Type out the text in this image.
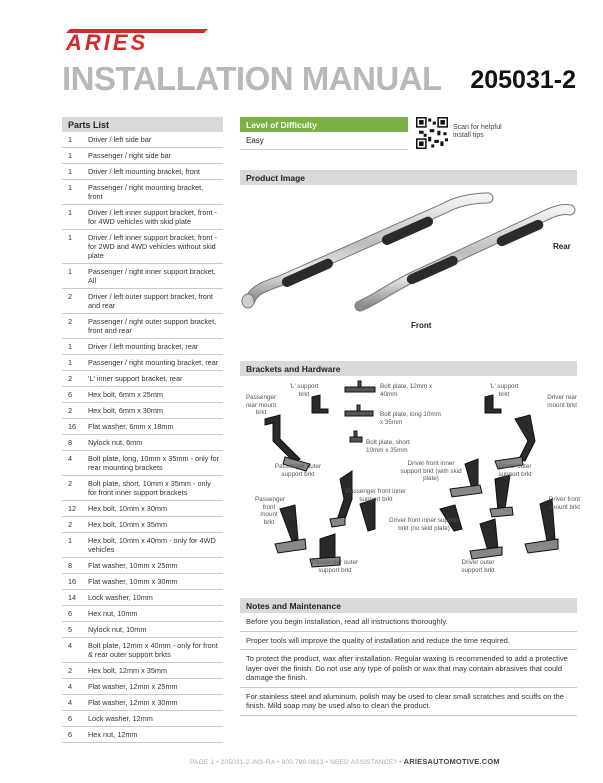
ARIES
INSTALLATION MANUAL 205031-2
Parts List
1	Driver / left side bar
1	Passenger / right side bar
1	Driver / left mounting bracket, front
1	Passenger / right mounting bracket, front
1	Driver / left inner support bracket, front - for 4WD vehicles with skid plate
1	Driver / left inner support bracket, front - for 2WD and 4WD vehicles without skid plate
1	Passenger / right inner support bracket, All
2	Driver / left outer support bracket, front and rear
2	Passenger / right outer support bracket, front and rear
1	Driver / left mounting bracket, rear
1	Passenger / right mounting bracket, rear
2	'L' inner support bracket, rear
6	Hex bolt, 6mm x 25mm
2	Hex bolt, 6mm x 30mm
16	Flat washer, 6mm x 18mm
8	Nylock nut, 6mm
4	Bolt plate, long, 10mm x 35mm - only for rear mounting brackets
2	Bolt plate, short, 10mm x 35mm - only for front inner support brackets
12	Hex bolt, 10mm x 30mm
2	Hex bolt, 10mm x 35mm
1	Hex bolt, 10mm x 40mm - only for 4WD vehicles
8	Flat washer, 10mm x 25mm
16	Flat washer, 10mm x 30mm
14	Lock washer, 10mm
6	Hex nut, 10mm
5	Nylock nut, 10mm
4	Bolt plate, 12mm x 40mm - only for front & rear outer support brkts
2	Hex bolt, 12mm x 35mm
4	Flat washer, 12mm x 25mm
4	Flat washer, 12mm x 30mm
6	Lock washer, 12mm
6	Hex nut, 12mm
Level of Difficulty
Easy
Scan for helpful install tips
Product Image
Rear
Front
Brackets and Hardware
Passenger rear mount brkt
'L' support brkt
Bolt plate, 12mm x 40mm
Bolt plate, long 10mm x 35mm
Bolt plate, short 10mm x 35mm
'L' support brkt	Driver rear mount brkt
Passenger outer support brkt
Driver front inner support brkt (with skid plate)
Driver outer support brkt
Passenger front mount brkt
Passenger front inner support brkt	Driver front mount brkt
Driver front inner support brkt (no skid plate)
Passenger outer support brkt
Driver outer support brkt
Notes and Maintenance
Before you begin installation, read all instructions thoroughly.
Proper tools will improve the quality of installation and reduce the time required.
To protect the product, wax after installation. Regular waxing is recommended to add a protective layer over the finish. Do not use any type of polish or wax that may contain abrasives that could damage the finish.
For stainless steel and aluminum, polish may be used to clear small scratches and scuffs on the finish. Mild soap may be used also to clean the product.
PAGE 1 • 205031-2-INS-RA • 800.798.0813 • NEED ASSISTANCE? • ARIESAUTOMOTIVE.COM
